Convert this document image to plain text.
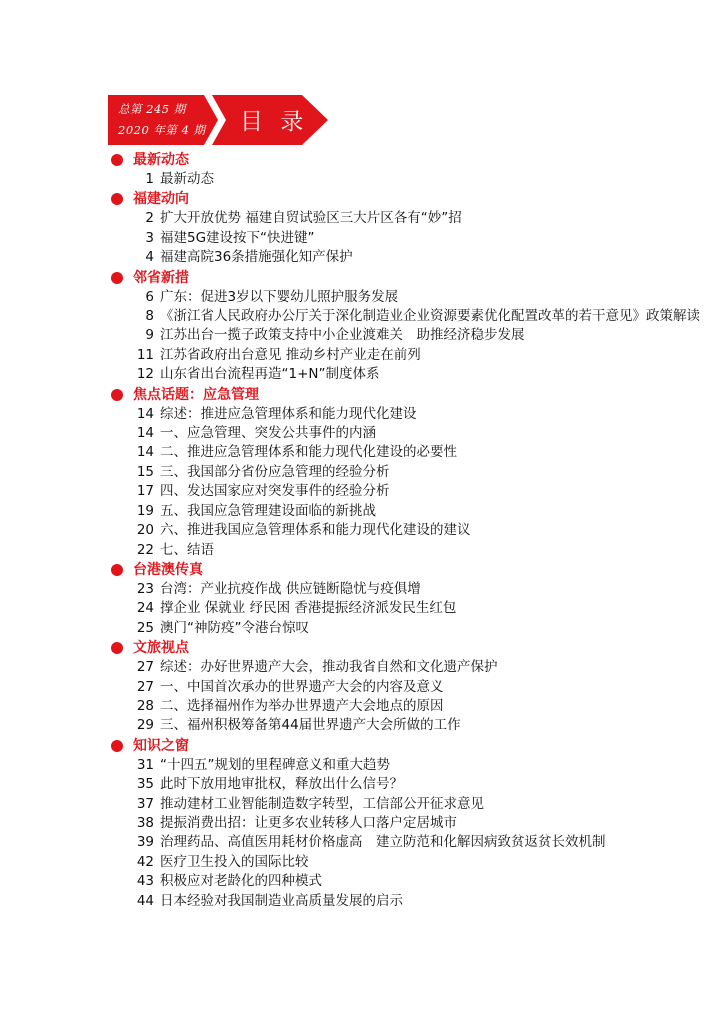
总第 245 期
2020 年第 4 期 目 录
最新动态
1 最新动态
福建动向
2 扩大开放优势 福建自贸试验区三大片区各有“妙”招
3 福建5G建设按下“快进键”
4 福建高院36条措施强化知产保护
邻省新措
6 广东：促进3岁以下婴幼儿照护服务发展
8 《浙江省人民政府办公厅关于深化制造业企业资源要素优化配置改革的若干意见》政策解读
9 江苏出台一揽子政策支持中小企业渡难关　助推经济稳步发展
11 江苏省政府出台意见 推动乡村产业走在前列
12 山东省出台流程再造“1+N”制度体系
焦点话题：应急管理
14 综述：推进应急管理体系和能力现代化建设
14 一、应急管理、突发公共事件的内涵
14 二、推进应急管理体系和能力现代化建设的必要性
15 三、我国部分省份应急管理的经验分析
17 四、发达国家应对突发事件的经验分析
19 五、我国应急管理建设面临的新挑战
20 六、推进我国应急管理体系和能力现代化建设的建议
22 七、结语
台港澳传真
23 台湾：产业抗疫作战 供应链断隐忧与疫俱增
24 撑企业 保就业 纾民困 香港提振经济派发民生红包
25 澳门“神防疫”令港台惊叹
文旅视点
27 综述：办好世界遗产大会，推动我省自然和文化遗产保护
27 一、中国首次承办的世界遗产大会的内容及意义
28 二、选择福州作为举办世界遗产大会地点的原因
29 三、福州积极筹备第44届世界遗产大会所做的工作
知识之窗
31 “十四五”规划的里程碑意义和重大趋势
35 此时下放用地审批权，释放出什么信号？
37 推动建材工业智能制造数字转型，工信部公开征求意见
38 提振消费出招：让更多农业转移人口落户定居城市
39 治理药品、高值医用耗材价格虚高　建立防范和化解因病致贫返贫长效机制
42 医疗卫生投入的国际比较
43 积极应对老龄化的四种模式
44 日本经验对我国制造业高质量发展的启示
